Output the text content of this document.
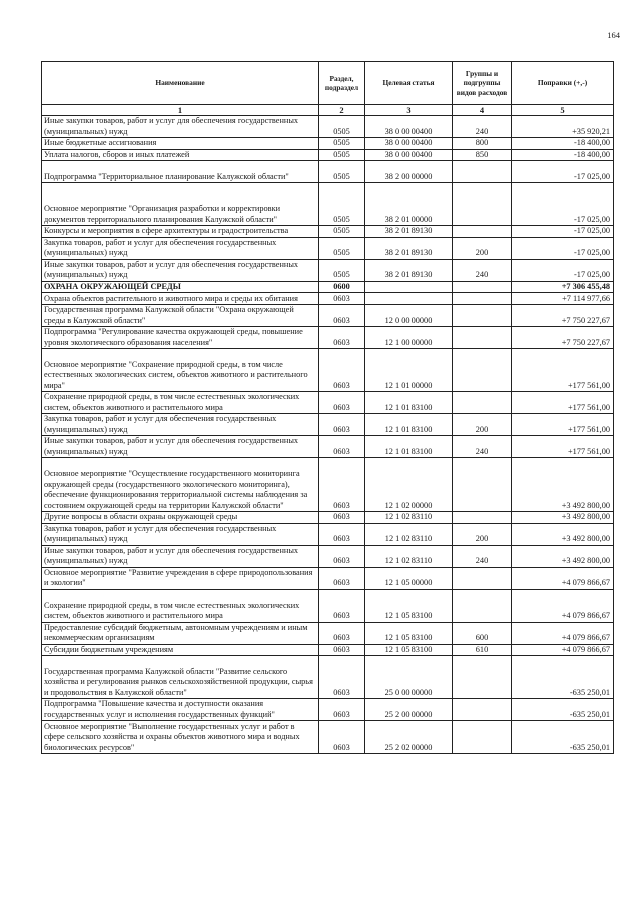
164
Наименование	Раздел, подраздел	Целевая статья	Группы и подгруппы видов расходов	Поправки (+,-)
1	2	3	4	5
Иные закупки товаров, работ и услуг для обеспечения государственных (муниципальных) нужд	0505	38 0 00 00400	240	+35 920,21
Иные бюджетные ассигнования	0505	38 0 00 00400	800	-18 400,00
Уплата налогов, сборов и иных платежей	0505	38 0 00 00400	850	-18 400,00
Подпрограмма "Территориальное планирование Калужской области"	0505	38 2 00 00000		-17 025,00
Основное мероприятие "Организация разработки и корректировки документов территориального планирования Калужской области"	0505	38 2 01 00000		-17 025,00
Конкурсы и мероприятия в сфере архитектуры и градостроительства	0505	38 2 01 89130		-17 025,00
Закупка товаров, работ и услуг для обеспечения государственных (муниципальных) нужд	0505	38 2 01 89130	200	-17 025,00
Иные закупки товаров, работ и услуг для обеспечения государственных (муниципальных) нужд	0505	38 2 01 89130	240	-17 025,00
ОХРАНА ОКРУЖАЮЩЕЙ СРЕДЫ	0600			+7 306 455,48
Охрана объектов растительного и животного мира и среды их обитания	0603			+7 114 977,66
Государственная программа Калужской области "Охрана окружающей среды в Калужской области"	0603	12 0 00 00000		+7 750 227,67
Подпрограмма "Регулирование качества окружающей среды, повышение уровня экологического образования населения"	0603	12 1 00 00000		+7 750 227,67
Основное мероприятие "Сохранение природной среды, в том числе естественных экологических систем, объектов животного и растительного мира"	0603	12 1 01 00000		+177 561,00
Сохранение природной среды, в том числе естественных экологических систем, объектов животного и растительного мира	0603	12 1 01 83100		+177 561,00
Закупка товаров, работ и услуг для обеспечения государственных (муниципальных) нужд	0603	12 1 01 83100	200	+177 561,00
Иные закупки товаров, работ и услуг для обеспечения государственных (муниципальных) нужд	0603	12 1 01 83100	240	+177 561,00
Основное мероприятие "Осуществление государственного мониторинга окружающей среды (государственного экологического мониторинга), обеспечение функционирования территориальной системы наблюдения за состоянием окружающей среды на территории Калужской области"	0603	12 1 02 00000		+3 492 800,00
Другие вопросы в области охраны окружающей среды	0603	12 1 02 83110		+3 492 800,00
Закупка товаров, работ и услуг для обеспечения государственных (муниципальных) нужд	0603	12 1 02 83110	200	+3 492 800,00
Иные закупки товаров, работ и услуг для обеспечения государственных (муниципальных) нужд	0603	12 1 02 83110	240	+3 492 800,00
Основное мероприятие "Развитие учреждения в сфере природопользования и экологии"	0603	12 1 05 00000		+4 079 866,67
Сохранение природной среды, в том числе естественных экологических систем, объектов животного и растительного мира	0603	12 1 05 83100		+4 079 866,67
Предоставление субсидий бюджетным, автономным учреждениям и иным некоммерческим организациям	0603	12 1 05 83100	600	+4 079 866,67
Субсидии бюджетным учреждениям	0603	12 1 05 83100	610	+4 079 866,67
Государственная программа Калужской области "Развитие сельского хозяйства и регулирования рынков сельскохозяйственной продукции, сырья и продовольствия в Калужской области"	0603	25 0 00 00000		-635 250,01
Подпрограмма "Повышение качества и доступности оказания государственных услуг и исполнения государственных функций"	0603	25 2 00 00000		-635 250,01
Основное мероприятие "Выполнение государственных услуг и работ в сфере сельского хозяйства и охраны объектов животного мира и водных биологических ресурсов"	0603	25 2 02 00000		-635 250,01
